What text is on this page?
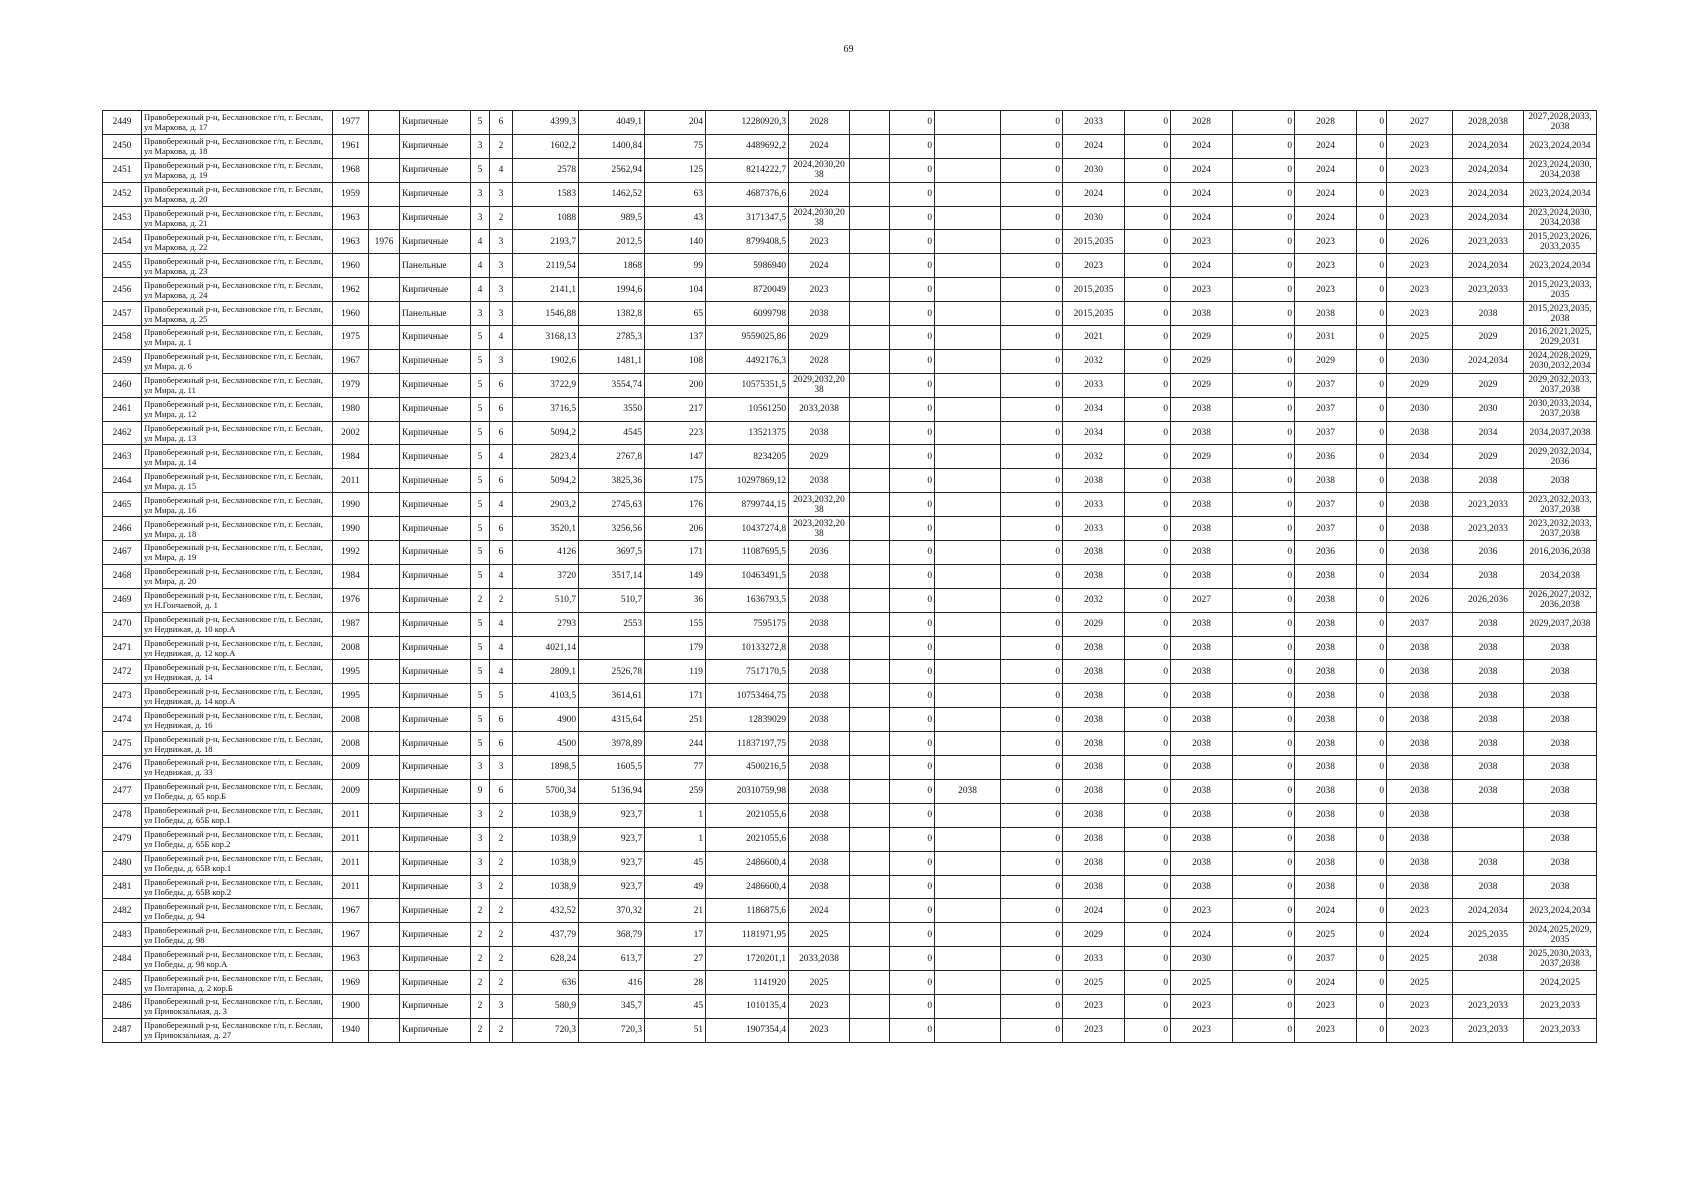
69
2449	Правобережный р-н, Беслановское г/п, г. Беслан, ул Маркова, д. 17	1977		Кирпичные	5	6	4399,3	4049,1	204	12280920,3	2028		0		0	2033	0	2028	0	2028	0	2027	2028,2038	2027,2028,2033, 2038
2450	Правобережный р-н, Беслановское г/п, г. Беслан, ул Маркова, д. 18	1961		Кирпичные	3	2	1602,2	1400,84	75	4489692,2	2024		0		0	2024	0	2024	0	2024	0	2023	2024,2034	2023,2024,2034
2451	Правобережный р-н, Беслановское г/п, г. Беслан, ул Маркова, д. 19	1968		Кирпичные	5	4	2578	2562,94	125	8214222,7	2024,2030,20 38		0		0	2030	0	2024	0	2024	0	2023	2024,2034	2023,2024,2030, 2034,2038
2452	Правобережный р-н, Беслановское г/п, г. Беслан, ул Маркова, д. 20	1959		Кирпичные	3	3	1583	1462,52	63	4687376,6	2024		0		0	2024	0	2024	0	2024	0	2023	2024,2034	2023,2024,2034
2453	Правобережный р-н, Беслановское г/п, г. Беслан, ул Маркова, д. 21	1963		Кирпичные	3	2	1088	989,5	43	3171347,5	2024,2030,20 38		0		0	2030	0	2024	0	2024	0	2023	2024,2034	2023,2024,2030, 2034,2038
2454	Правобережный р-н, Беслановское г/п, г. Беслан, ул Маркова, д. 22	1963	1976	Кирпичные	4	3	2193,7	2012,5	140	8799408,5	2023		0		0	2015,2035	0	2023	0	2023	0	2026	2023,2033	2015,2023,2026, 2033,2035
2455	Правобережный р-н, Беслановское г/п, г. Беслан, ул Маркова, д. 23	1960		Панельные	4	3	2119,54	1868	99	5986940	2024		0		0	2023	0	2024	0	2023	0	2023	2024,2034	2023,2024,2034
2456	Правобережный р-н, Беслановское г/п, г. Беслан, ул Маркова, д. 24	1962		Кирпичные	4	3	2141,1	1994,6	104	8720049	2023		0		0	2015,2035	0	2023	0	2023	0	2023	2023,2033	2015,2023,2033, 2035
2457	Правобережный р-н, Беслановское г/п, г. Беслан, ул Маркова, д. 25	1960		Панельные	3	3	1546,88	1382,8	65	6099798	2038		0		0	2015,2035	0	2038	0	2038	0	2023	2038	2015,2023,2035, 2038
2458	Правобережный р-н, Беслановское г/п, г. Беслан, ул Мира, д. 1	1975		Кирпичные	5	4	3168,13	2785,3	137	9559025,86	2029		0		0	2021	0	2029	0	2031	0	2025	2029	2016,2021,2025, 2029,2031
2459	Правобережный р-н, Беслановское г/п, г. Беслан, ул Мира, д. 6	1967		Кирпичные	5	3	1902,6	1481,1	108	4492176,3	2028		0		0	2032	0	2029	0	2029	0	2030	2024,2034	2024,2028,2029, 2030,2032,2034
2460	Правобережный р-н, Беслановское г/п, г. Беслан, ул Мира, д. 11	1979		Кирпичные	5	6	3722,9	3554,74	200	10575351,5	2029,2032,20 38		0		0	2033	0	2029	0	2037	0	2029	2029	2029,2032,2033, 2037,2038
2461	Правобережный р-н, Беслановское г/п, г. Беслан, ул Мира, д. 12	1980		Кирпичные	5	6	3716,5	3550	217	10561250	2033,2038		0		0	2034	0	2038	0	2037	0	2030	2030	2030,2033,2034, 2037,2038
2462	Правобережный р-н, Беслановское г/п, г. Беслан, ул Мира, д. 13	2002		Кирпичные	5	6	5094,2	4545	223	13521375	2038		0		0	2034	0	2038	0	2037	0	2038	2034	2034,2037,2038
2463	Правобережный р-н, Беслановское г/п, г. Беслан, ул Мира, д. 14	1984		Кирпичные	5	4	2823,4	2767,8	147	8234205	2029		0		0	2032	0	2029	0	2036	0	2034	2029	2029,2032,2034, 2036
2464	Правобережный р-н, Беслановское г/п, г. Беслан, ул Мира, д. 15	2011		Кирпичные	5	6	5094,2	3825,36	175	10297869,12	2038		0		0	2038	0	2038	0	2038	0	2038	2038	2038
2465	Правобережный р-н, Беслановское г/п, г. Беслан, ул Мира, д. 16	1990		Кирпичные	5	4	2903,2	2745,63	176	8799744,15	2023,2032,20 38		0		0	2033	0	2038	0	2037	0	2038	2023,2033	2023,2032,2033, 2037,2038
2466	Правобережный р-н, Беслановское г/п, г. Беслан, ул Мира, д. 18	1990		Кирпичные	5	6	3520,1	3256,56	206	10437274,8	2023,2032,20 38		0		0	2033	0	2038	0	2037	0	2038	2023,2033	2023,2032,2033, 2037,2038
2467	Правобережный р-н, Беслановское г/п, г. Беслан, ул Мира, д. 19	1992		Кирпичные	5	6	4126	3697,5	171	11087695,5	2036		0		0	2038	0	2038	0	2036	0	2038	2036	2016,2036,2038
2468	Правобережный р-н, Беслановское г/п, г. Беслан, ул Мира, д. 20	1984		Кирпичные	5	4	3720	3517,14	149	10463491,5	2038		0		0	2038	0	2038	0	2038	0	2034	2038	2034,2038
2469	Правобережный р-н, Беслановское г/п, г. Беслан, ул Н.Гончаевой, д. 1	1976		Кирпичные	2	2	510,7	510,7	36	1636793,5	2038		0		0	2032	0	2027	0	2038	0	2026	2026,2036	2026,2027,2032, 2036,2038
2470	Правобережный р-н, Беслановское г/п, г. Беслан, ул Недвижая, д. 10 кор.А	1987		Кирпичные	5	4	2793	2553	155	7595175	2038		0		0	2029	0	2038	0	2038	0	2037	2038	2029,2037,2038
2471	Правобережный р-н, Беслановское г/п, г. Беслан, ул Недвижая, д. 12 кор.А	2008		Кирпичные	5	4	4021,14		179	10133272,8	2038		0		0	2038	0	2038	0	2038	0	2038	2038	2038
2472	Правобережный р-н, Беслановское г/п, г. Беслан, ул Недвижая, д. 14	1995		Кирпичные	5	4	2809,1	2526,78	119	7517170,5	2038		0		0	2038	0	2038	0	2038	0	2038	2038	2038
2473	Правобережный р-н, Беслановское г/п, г. Беслан, ул Недвижая, д. 14 кор.А	1995		Кирпичные	5	5	4103,5	3614,61	171	10753464,75	2038		0		0	2038	0	2038	0	2038	0	2038	2038	2038
2474	Правобережный р-н, Беслановское г/п, г. Беслан, ул Недвижая, д. 16	2008		Кирпичные	5	6	4900	4315,64	251	12839029	2038		0		0	2038	0	2038	0	2038	0	2038	2038	2038
2475	Правобережный р-н, Беслановское г/п, г. Беслан, ул Недвижая, д. 18	2008		Кирпичные	5	6	4500	3978,89	244	11837197,75	2038		0		0	2038	0	2038	0	2038	0	2038	2038	2038
2476	Правобережный р-н, Беслановское г/п, г. Беслан, ул Недвижая, д. 33	2009		Кирпичные	3	3	1898,5	1605,5	77	4500216,5	2038		0		0	2038	0	2038	0	2038	0	2038	2038	2038
2477	Правобережный р-н, Беслановское г/п, г. Беслан, ул Победы, д. 65 кор.Б	2009		Кирпичные	9	6	5700,34	5136,94	259	20310759,98	2038		0	2038	0	2038	0	2038	0	2038	0	2038	2038	2038
2478	Правобережный р-н, Беслановское г/п, г. Беслан, ул Победы, д. 65Б кор.1	2011		Кирпичные	3	2	1038,9	923,7	1	2021055,6	2038		0		0	2038	0	2038	0	2038	0	2038		2038
2479	Правобережный р-н, Беслановское г/п, г. Беслан, ул Победы, д. 65Б кор.2	2011		Кирпичные	3	2	1038,9	923,7	1	2021055,6	2038		0		0	2038	0	2038	0	2038	0	2038		2038
2480	Правобережный р-н, Беслановское г/п, г. Беслан, ул Победы, д. 65В кор.1	2011		Кирпичные	3	2	1038,9	923,7	45	2486600,4	2038		0		0	2038	0	2038	0	2038	0	2038	2038	2038
2481	Правобережный р-н, Беслановское г/п, г. Беслан, ул Победы, д. 65В кор.2	2011		Кирпичные	3	2	1038,9	923,7	49	2486600,4	2038		0		0	2038	0	2038	0	2038	0	2038	2038	2038
2482	Правобережный р-н, Беслановское г/п, г. Беслан, ул Победы, д. 94	1967		Кирпичные	2	2	432,52	370,32	21	1186875,6	2024		0		0	2024	0	2023	0	2024	0	2023	2024,2034	2023,2024,2034
2483	Правобережный р-н, Беслановское г/п, г. Беслан, ул Победы, д. 98	1967		Кирпичные	2	2	437,79	368,79	17	1181971,95	2025		0		0	2029	0	2024	0	2025	0	2024	2025,2035	2024,2025,2029, 2035
2484	Правобережный р-н, Беслановское г/п, г. Беслан, ул Победы, д. 98 кор.А	1963		Кирпичные	2	2	628,24	613,7	27	1720201,1	2033,2038		0		0	2033	0	2030	0	2037	0	2025	2038	2025,2030,2033, 2037,2038
2485	Правобережный р-н, Беслановское г/п, г. Беслан, ул Полтарина, д. 2 кор.Б	1969		Кирпичные	2	2	636	416	28	1141920	2025		0		0	2025	0	2025	0	2024	0	2025		2024,2025
2486	Правобережный р-н, Беслановское г/п, г. Беслан, ул Привокзальная, д. 3	1900		Кирпичные	2	3	580,9	345,7	45	1010135,4	2023		0		0	2023	0	2023	0	2023	0	2023	2023,2033	2023,2033
2487	Правобережный р-н, Беслановское г/п, г. Беслан, ул Привокзальная, д. 27	1940		Кирпичные	2	2	720,3	720,3	51	1907354,4	2023		0		0	2023	0	2023	0	2023	0	2023	2023,2033	2023,2033
